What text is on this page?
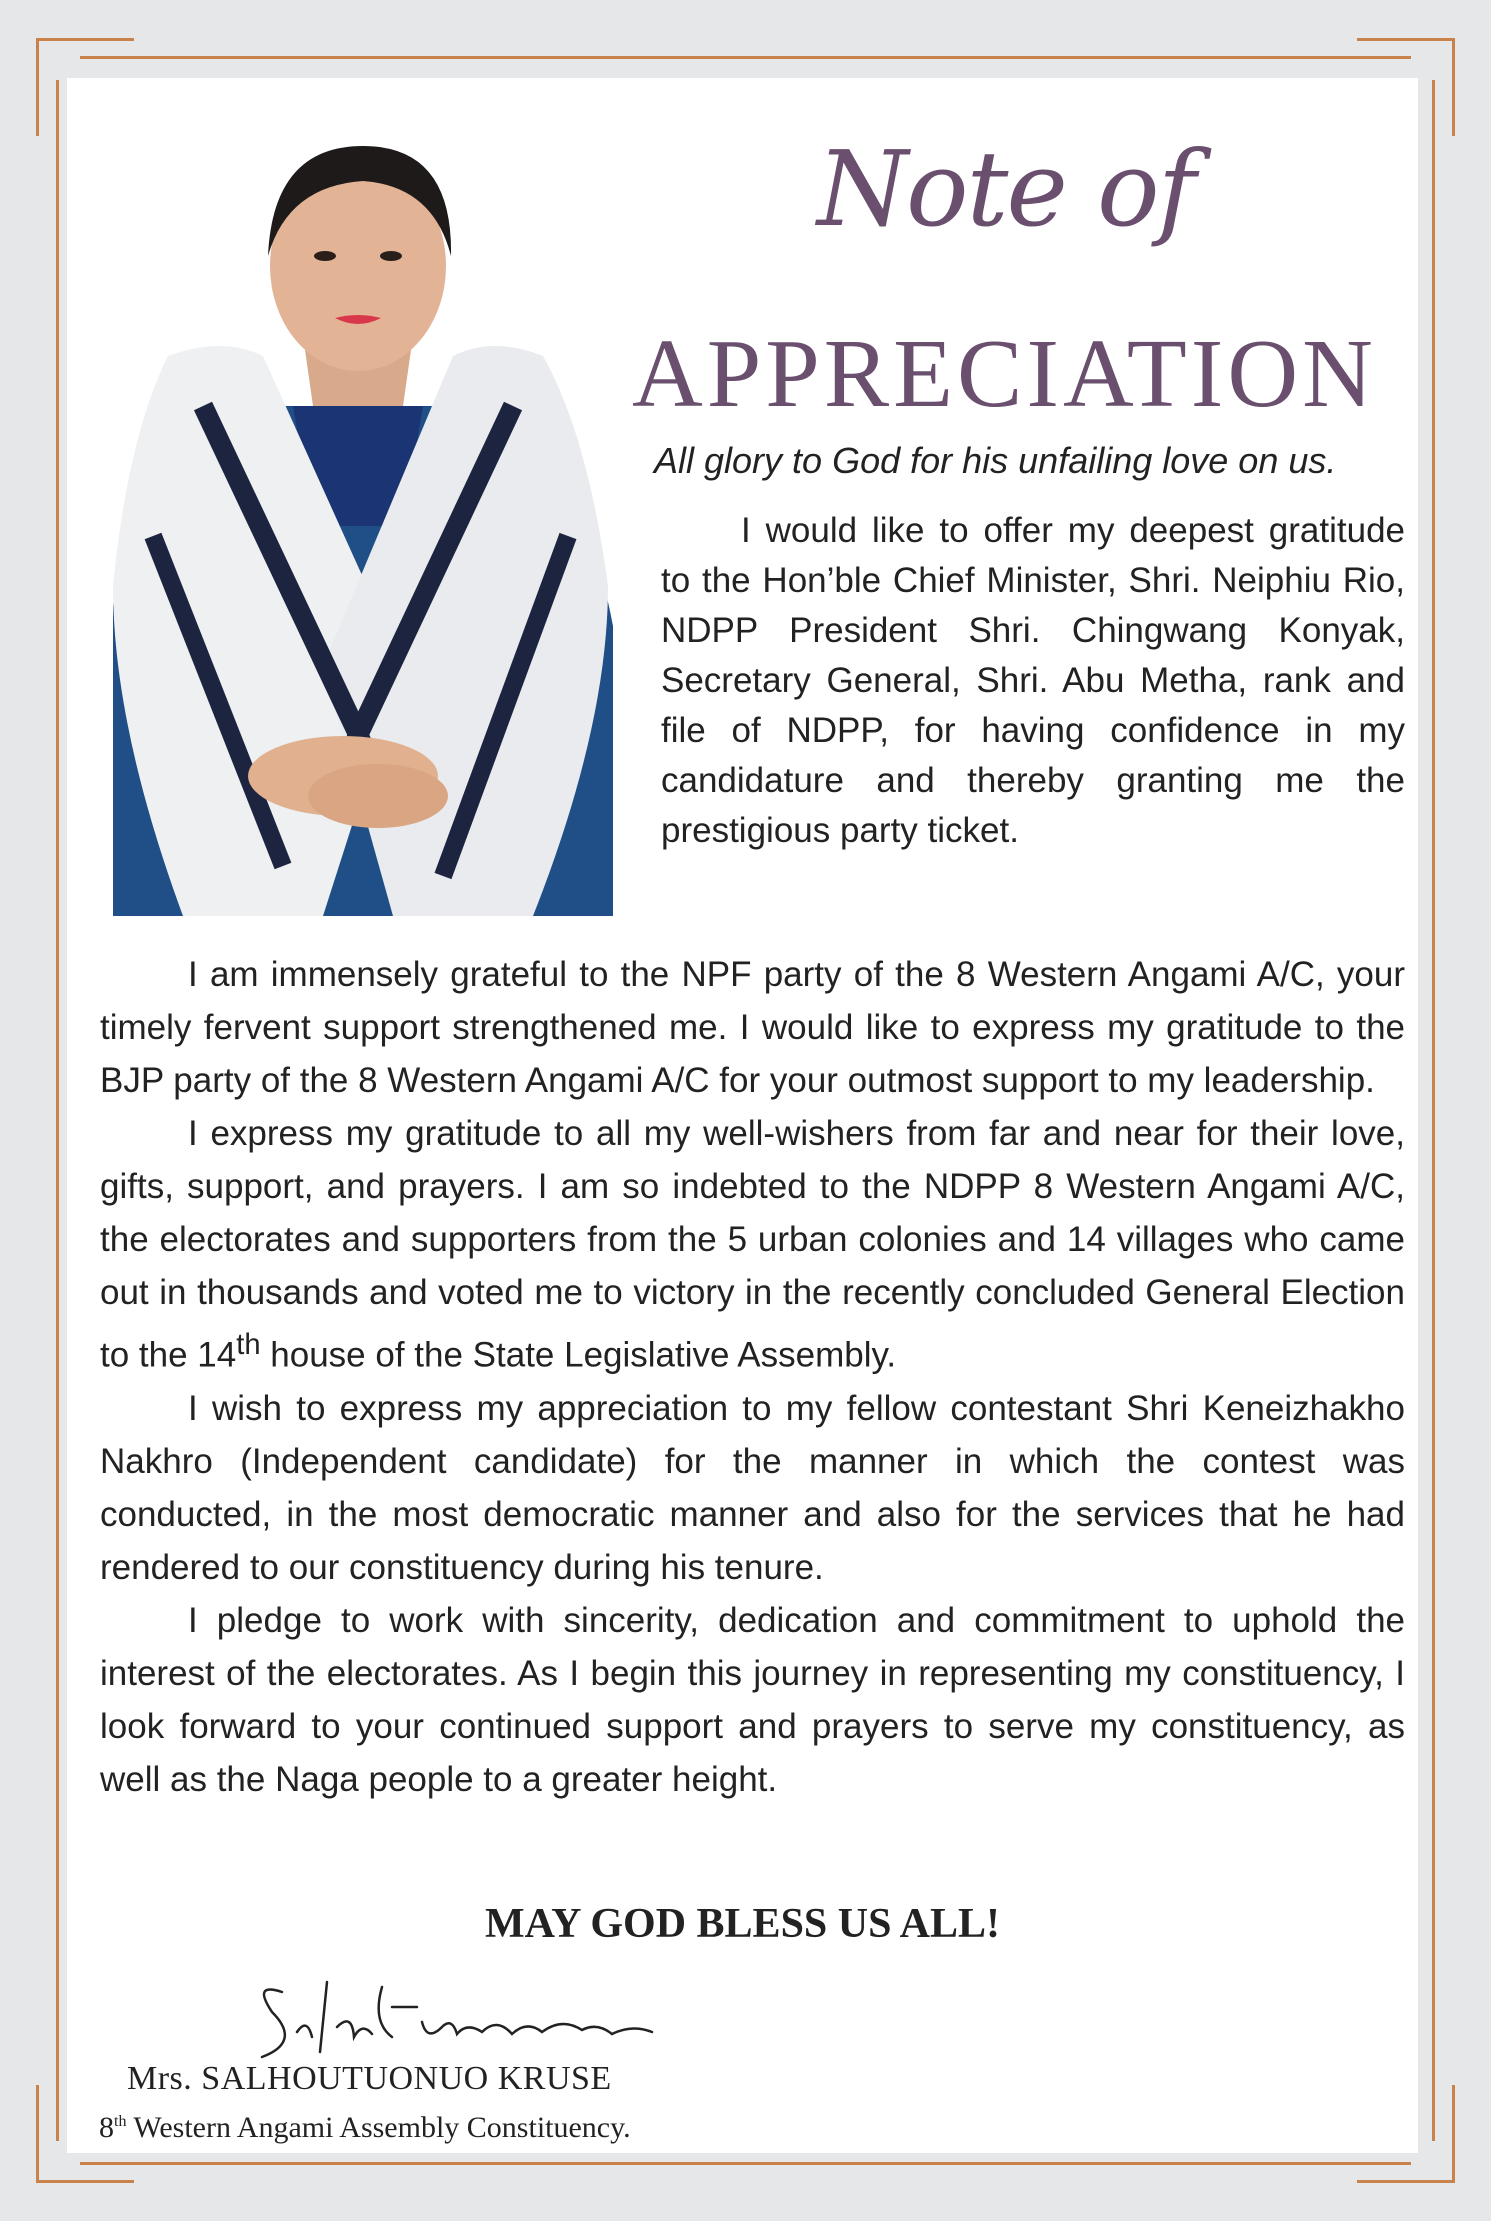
Note of
APPRECIATION
All glory to God for his unfailing love on us.
I would like to offer my deepest gratitude to the Hon’ble Chief Minister, Shri. Neiphiu Rio, NDPP President Shri. Chingwang Konyak, Secretary General, Shri. Abu Metha, rank and file of NDPP, for having confidence in my candidature and thereby granting me the prestigious party ticket.

I am immensely grateful to the NPF party of the 8 Western Angami A/C, your timely fervent support strengthened me. I would like to express my gratitude to the BJP party of the 8 Western Angami A/C for your outmost support to my leadership.

I express my gratitude to all my well-wishers from far and near for their love, gifts, support, and prayers. I am so indebted to the NDPP 8 Western Angami A/C, the electorates and supporters from the 5 urban colonies and 14 villages who came out in thousands and voted me to victory in the recently concluded General Election to the 14th house of the State Legislative Assembly.

I wish to express my appreciation to my fellow contestant Shri Keneizhakho Nakhro (Independent candidate) for the manner in which the contest was conducted, in the most democratic manner and also for the services that he had rendered to our constituency during his tenure.

I pledge to work with sincerity, dedication and commitment to uphold the interest of the electorates. As I begin this journey in representing my constituency, I look forward to your continued support and prayers to serve my constituency, as well as the Naga people to a greater height.

MAY GOD BLESS US ALL!
Mrs. SALHOUTUONUO KRUSE
8th Western Angami Assembly Constituency.
